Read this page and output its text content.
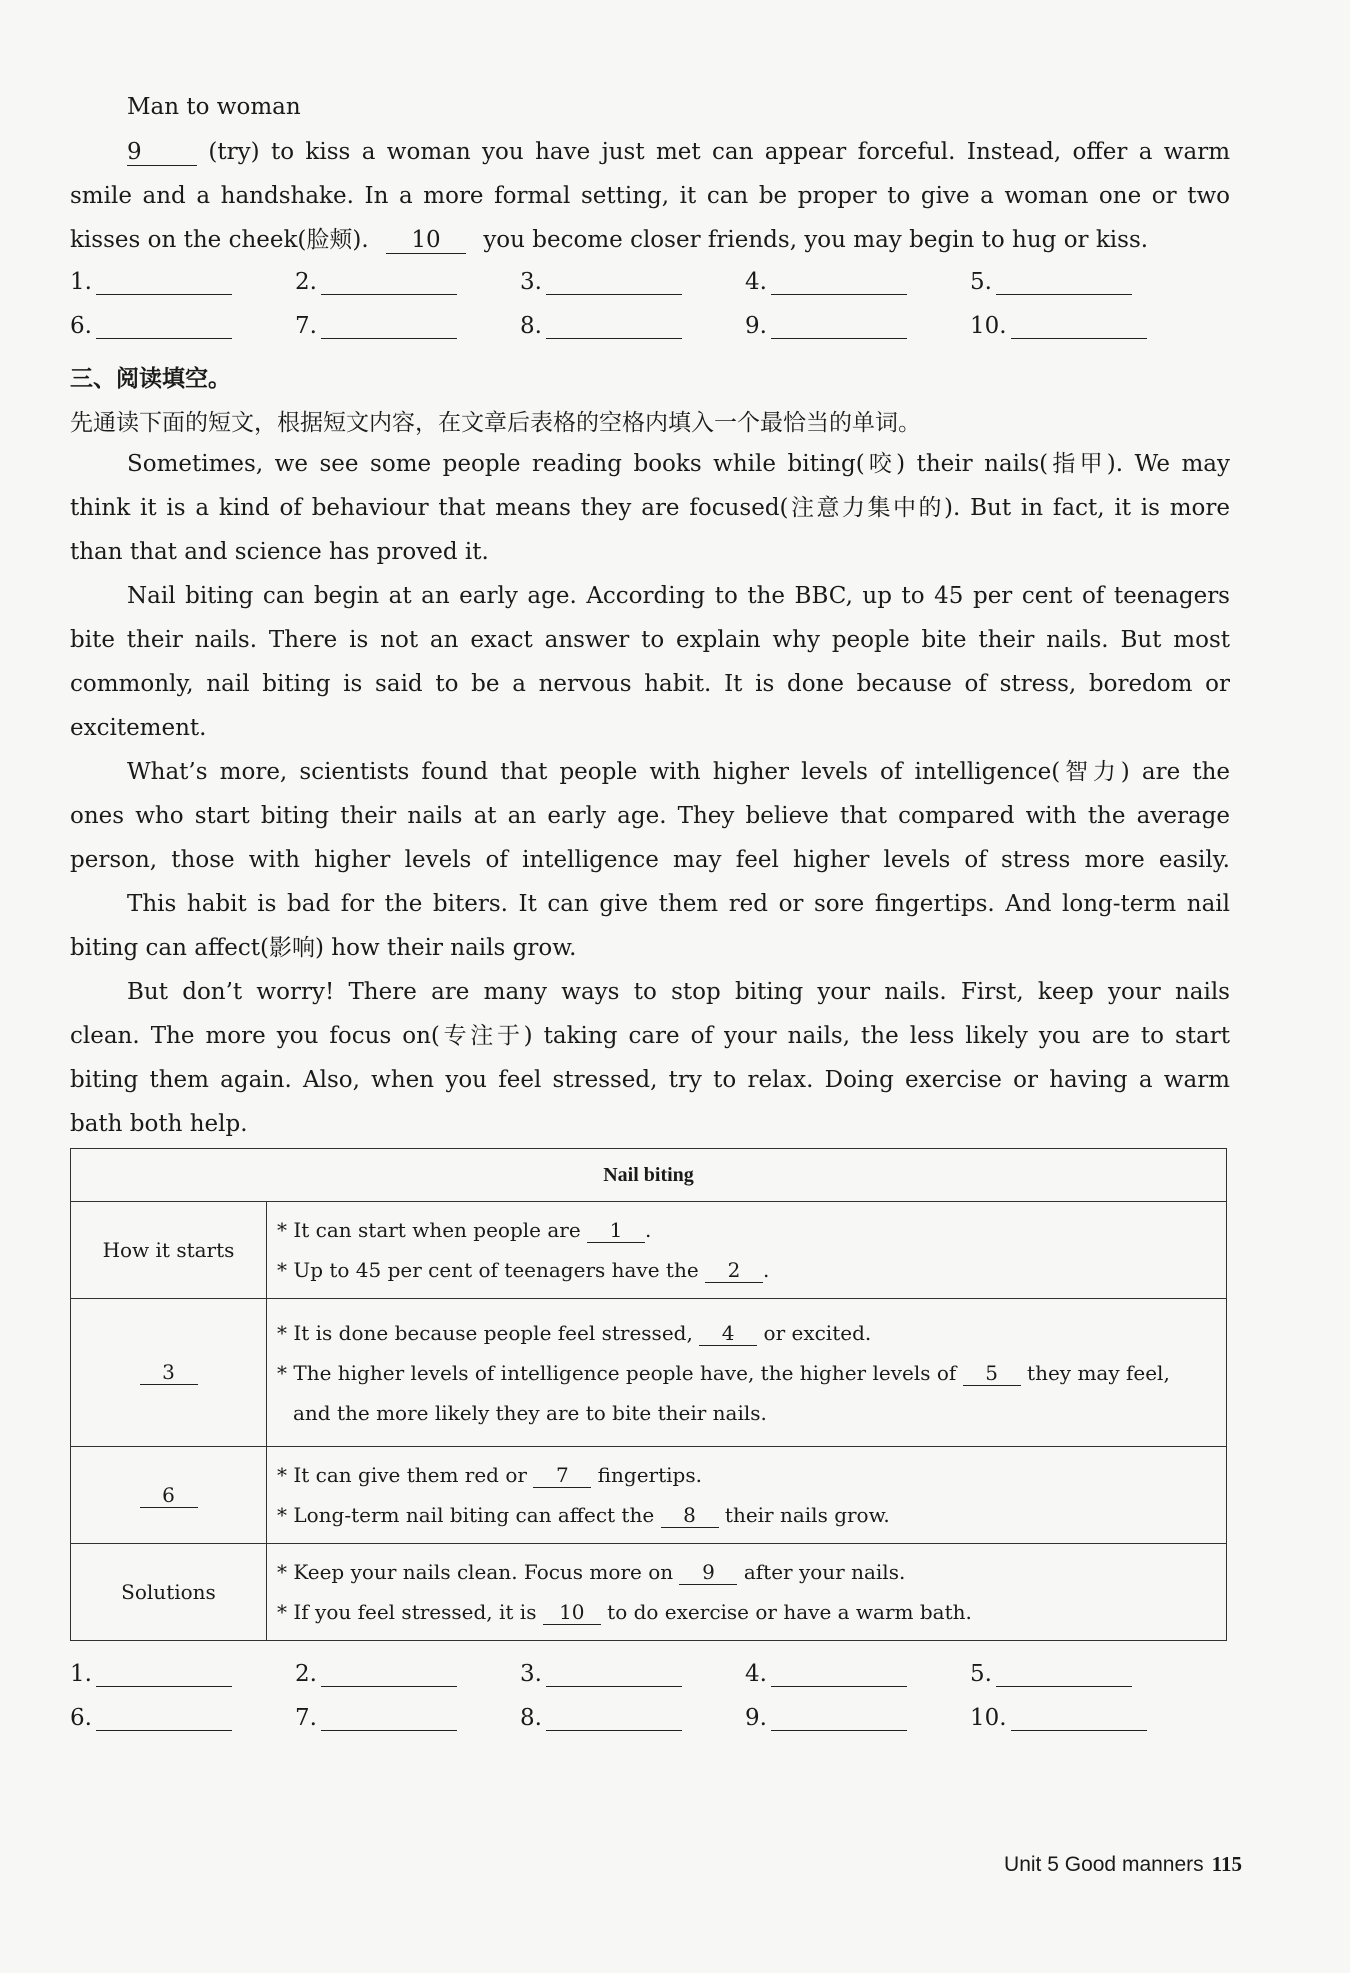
Man to woman
9	(try) to kiss a woman you have just met can appear forceful. Instead, offer a warm
smile and a handshake. In a more formal setting, it can be proper to give a woman one or two
kisses on the cheek(脸颊). 10 you become closer friends, you may begin to hug or kiss.
1.	2.	3.	4.	5.
6.	7.	8.	9.	10.
三、阅读填空。
先通读下面的短文，根据短文内容，在文章后表格的空格内填入一个最恰当的单词。
Sometimes, we see some people reading books while biting(咬) their nails(指甲). We may
think it is a kind of behaviour that means they are focused(注意力集中的). But in fact, it is more
than that and science has proved it.
Nail biting can begin at an early age. According to the BBC, up to 45 per cent of teenagers
bite their nails. There is not an exact answer to explain why people bite their nails. But most
commonly, nail biting is said to be a nervous habit. It is done because of stress, boredom or
excitement.
What’s more, scientists found that people with higher levels of intelligence(智力) are the
ones who start biting their nails at an early age. They believe that compared with the average
person, those with higher levels of intelligence may feel higher levels of stress more easily.
This habit is bad for the biters. It can give them red or sore fingertips. And long-term nail
biting can affect(影响) how their nails grow.
But don’t worry! There are many ways to stop biting your nails. First, keep your nails
clean. The more you focus on(专注于) taking care of your nails, the less likely you are to start
biting them again. Also, when you feel stressed, try to relax. Doing exercise or having a warm
bath both help.
Nail biting	
How it starts	* It can start when people are 1 .
* Up to 45 per cent of teenagers have the 2 .

3	* It is done because people feel stressed, 4 or excited.
* The higher levels of intelligence people have, the higher levels of 5 they may feel,
and the more likely they are to bite their nails.

6	* It can give them red or 7 fingertips.
* Long-term nail biting can affect the 8 their nails grow.

Solutions	* Keep your nails clean. Focus more on 9 after your nails.
* If you feel stressed, it is 10 to do exercise or have a warm bath.
1.	2.	3.	4.	5.
6.	7.	8.	9.	10.
Unit 5 Good manners 115
